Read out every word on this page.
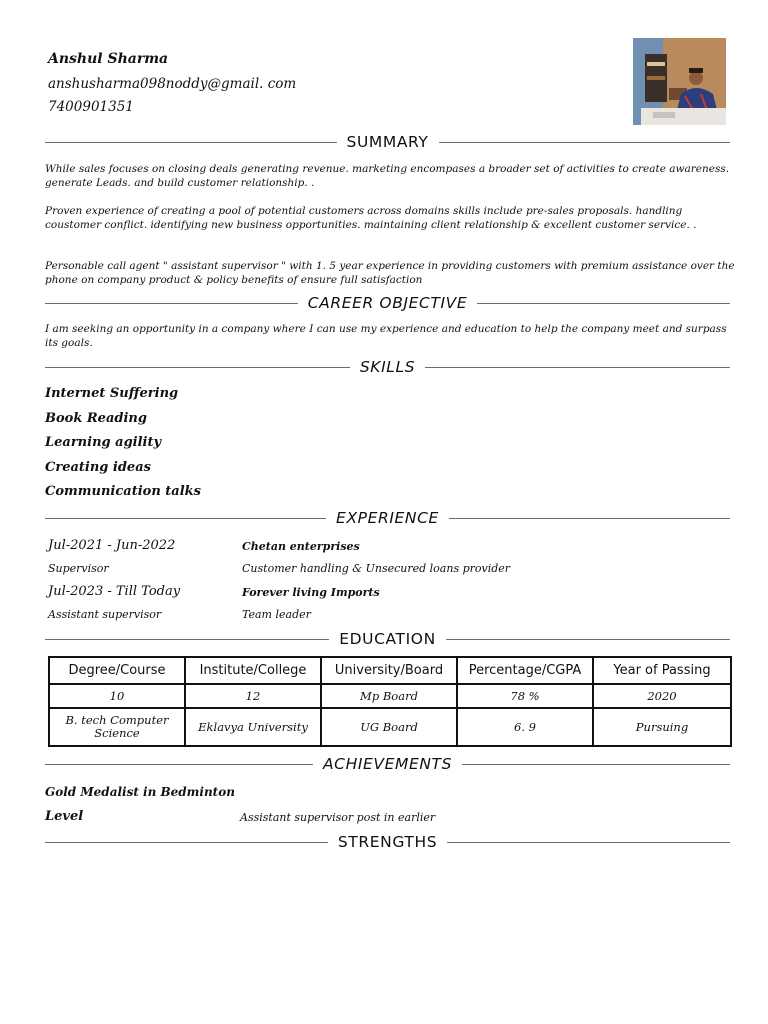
Anshul Sharma
anshusharma098noddy@gmail. com
7400901351
SUMMARY
While sales focuses on closing deals generating revenue. marketing encompases a broader set of activities to create awareness. generate Leads. and build customer relationship. .
Proven experience of creating a pool of potential customers across domains skills include pre-sales proposals. handling coustomer conflict. identifying new business opportunities. maintaining client relationship & excellent customer service. .
Personable call agent " assistant supervisor " with 1. 5 year experience in providing customers with premium assistance over the phone on company product & policy benefits of ensure full satisfaction
CAREER OBJECTIVE
I am seeking an opportunity in a company where I can use my experience and education to help the company meet and surpass its goals.
SKILLS
Internet Suffering
Book Reading
Learning agility
Creating ideas
Communication talks
EXPERIENCE
Jul-2021 - Jun-2022	Chetan enterprises
Supervisor	Customer handling & Unsecured loans provider
Jul-2023 - Till Today	Forever living Imports
Assistant supervisor	Team leader
EDUCATION
Degree/Course	Institute/College	University/Board	Percentage/CGPA	Year of Passing
10	12	Mp Board	78 %	2020
B. tech Computer Science	Eklavya University	UG Board	6. 9	Pursuing
ACHIEVEMENTS
Gold Medalist in Bedminton
Level	Assistant supervisor post in earlier
STRENGTHS
